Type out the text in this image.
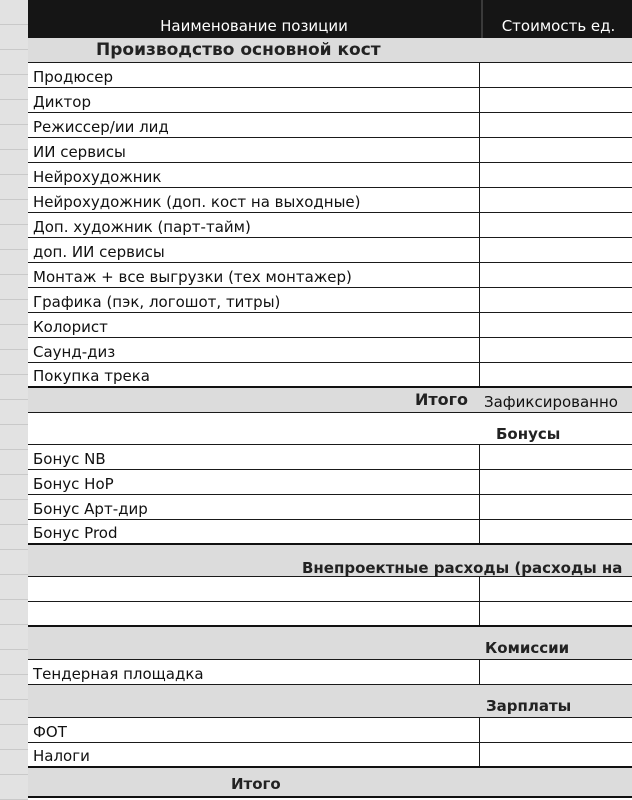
Наименование позиции	Стоимость ед.
Производство основной кост
Продюсер
Диктор
Режиссер/ии лид
ИИ сервисы
Нейрохудожник
Нейрохудожник (доп. кост на выходные)
Доп. художник (парт-тайм)
доп. ИИ сервисы
Монтаж + все выгрузки (тех монтажер)
Графика (пэк, логошот, титры)
Колорист
Саунд-диз
Покупка трека
Итого Зафиксированно
Бонусы
Бонус NB
Бонус HoP
Бонус Арт-дир
Бонус Prod
Внепроектные расходы (расходы на
Комиссии
Тендерная площадка
Зарплаты
ФОТ
Налоги
Итого
